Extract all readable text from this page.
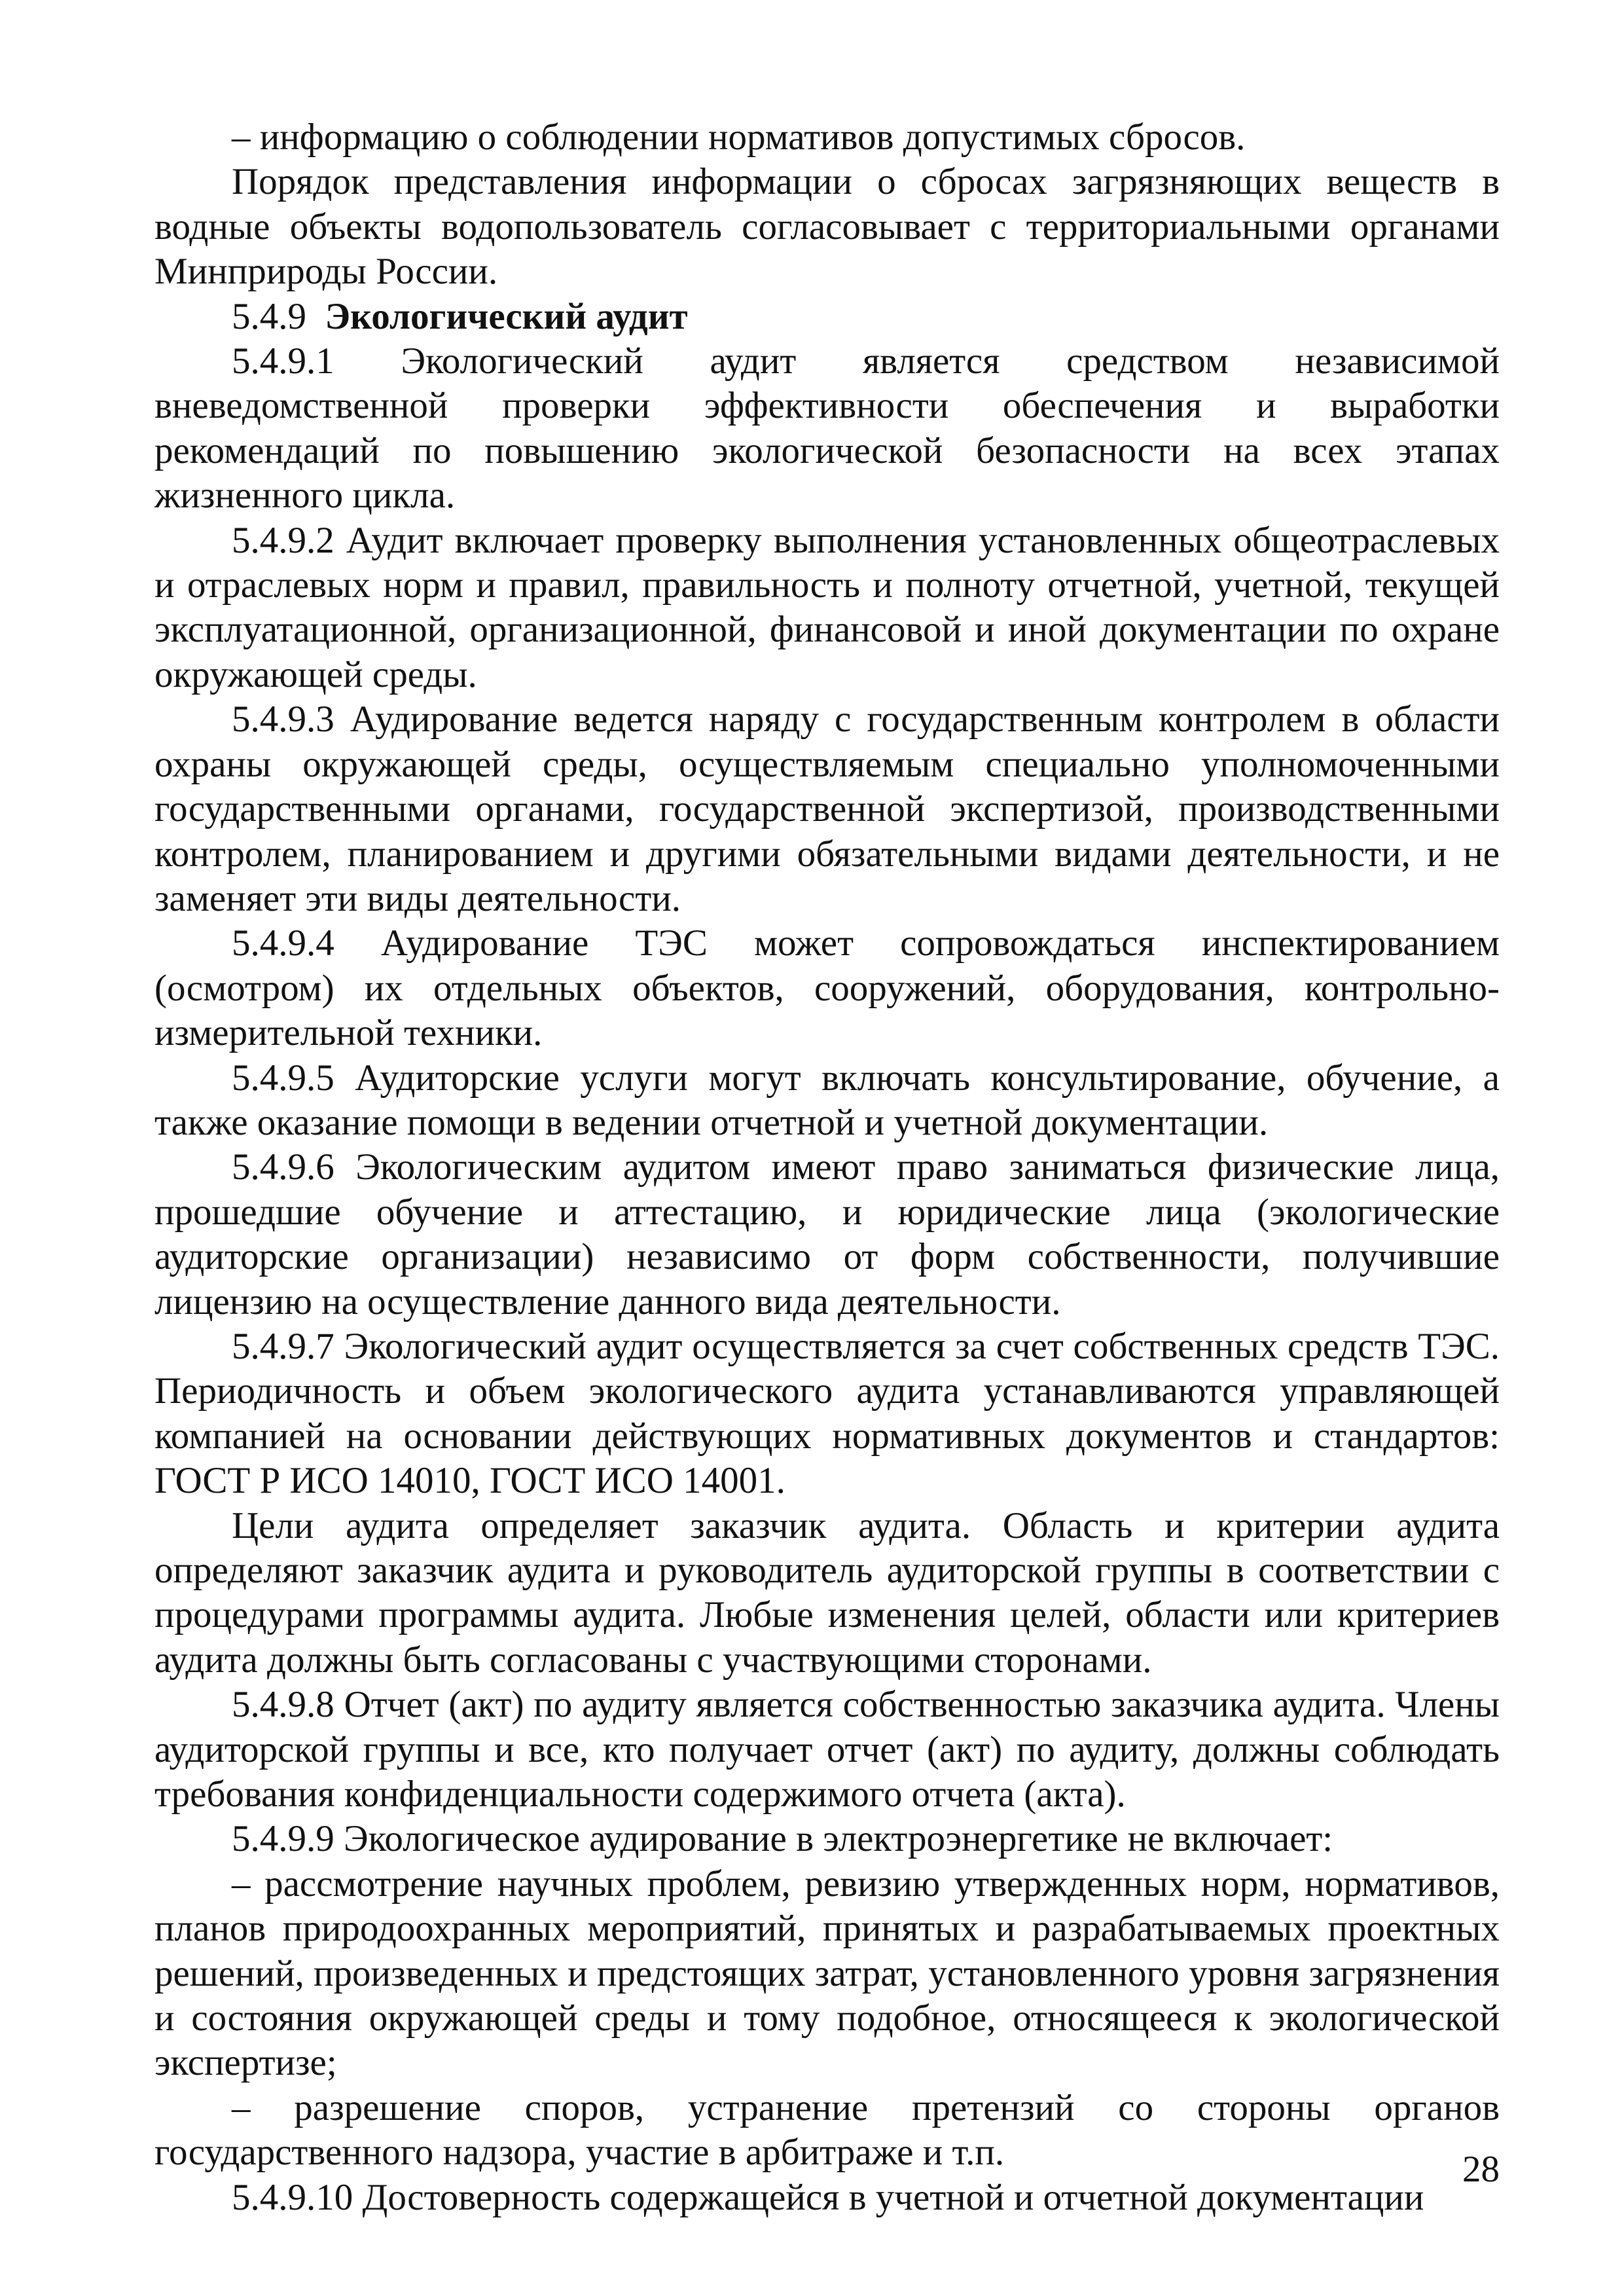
– информацию о соблюдении нормативов допустимых сбросов.

Порядок представления информации о сбросах загрязняющих веществ в водные объекты водопользователь согласовывает с территориальными органами Минприроды России.

5.4.9 Экологический аудит

5.4.9.1 Экологический аудит является средством независимой вневедомственной проверки эффективности обеспечения и выработки рекомендаций по повышению экологической безопасности на всех этапах жизненного цикла.

5.4.9.2 Аудит включает проверку выполнения установленных общеотраслевых и отраслевых норм и правил, правильность и полноту отчетной, учетной, текущей эксплуатационной, организационной, финансовой и иной документации по охране окружающей среды.

5.4.9.3 Аудирование ведется наряду с государственным контролем в области охраны окружающей среды, осуществляемым специально уполномоченными государственными органами, государственной экспертизой, производственными контролем, планированием и другими обязательными видами деятельности, и не заменяет эти виды деятельности.

5.4.9.4 Аудирование ТЭС может сопровождаться инспектированием (осмотром) их отдельных объектов, сооружений, оборудования, контрольно-измерительной техники.

5.4.9.5 Аудиторские услуги могут включать консультирование, обучение, а также оказание помощи в ведении отчетной и учетной документации.

5.4.9.6 Экологическим аудитом имеют право заниматься физические лица, прошедшие обучение и аттестацию, и юридические лица (экологические аудиторские организации) независимо от форм собственности, получившие лицензию на осуществление данного вида деятельности.

5.4.9.7 Экологический аудит осуществляется за счет собственных средств ТЭС. Периодичность и объем экологического аудита устанавливаются управляющей компанией на основании действующих нормативных документов и стандартов: ГОСТ Р ИСО 14010, ГОСТ ИСО 14001.

Цели аудита определяет заказчик аудита. Область и критерии аудита определяют заказчик аудита и руководитель аудиторской группы в соответствии с процедурами программы аудита. Любые изменения целей, области или критериев аудита должны быть согласованы с участвующими сторонами.

5.4.9.8 Отчет (акт) по аудиту является собственностью заказчика аудита. Члены аудиторской группы и все, кто получает отчет (акт) по аудиту, должны соблюдать требования конфиденциальности содержимого отчета (акта).

5.4.9.9 Экологическое аудирование в электроэнергетике не включает:

– рассмотрение научных проблем, ревизию утвержденных норм, нормативов, планов природоохранных мероприятий, принятых и разрабатываемых проектных решений, произведенных и предстоящих затрат, установленного уровня загрязнения и состояния окружающей среды и тому подобное, относящееся к экологической экспертизе;

– разрешение споров, устранение претензий со стороны органов государственного надзора, участие в арбитраже и т.п.

5.4.9.10 Достоверность содержащейся в учетной и отчетной документации

28
